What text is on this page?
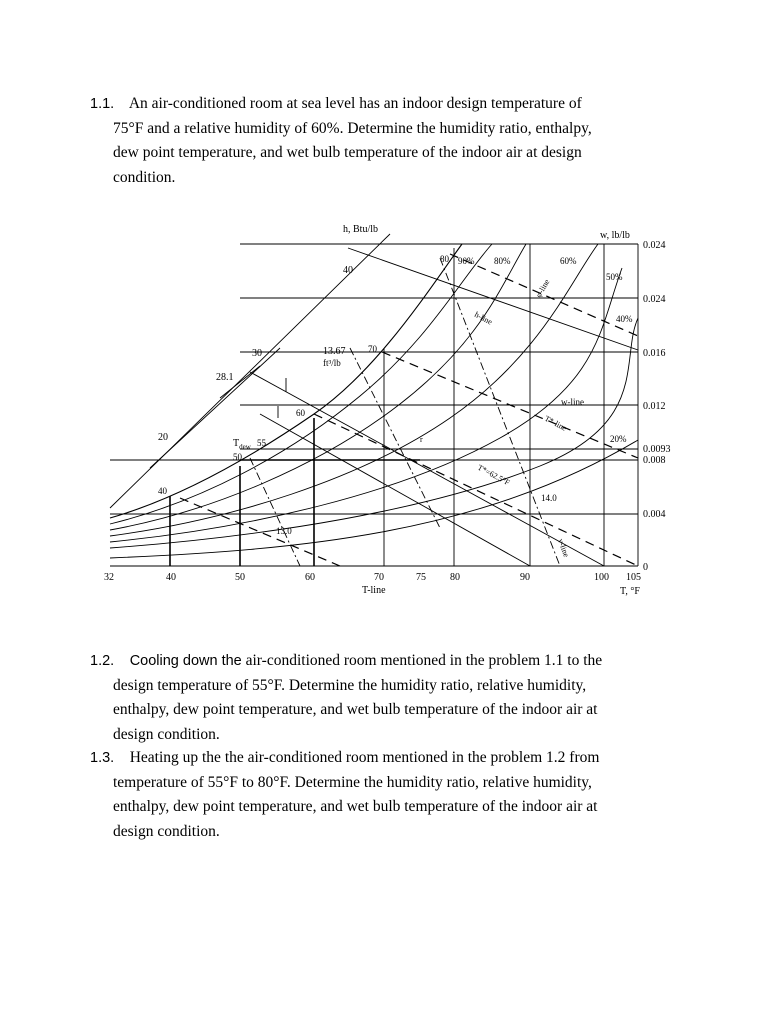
1.1. An air-conditioned room at sea level has an indoor design temperature of
75°F and a relative humidity of 60%. Determine the humidity ratio, enthalpy,
dew point temperature, and wet bulb temperature of the indoor air at design
condition.
h, Btu/lb
w, lb/lb
T, °F
T-line
32	40	50	60	70	75 80	90	100 105
0.024
0.024
0.016
0.012
0.0093
0.008
0.004
0
40
30
28.1
20
90% 80%	60%
50%
40%
20%
80
70
60
55
50
40
13.67
ft³/lb
14.0
13.0
φ-line
h-line
w-line
T*-line
T*=62.5°F
v-line
$T_{dew}$
r
1.2. Cooling down the air-conditioned room mentioned in the problem 1.1 to the
design temperature of 55°F. Determine the humidity ratio, relative humidity,
enthalpy, dew point temperature, and wet bulb temperature of the indoor air at
design condition.
1.3. Heating up the the air-conditioned room mentioned in the problem 1.2 from
temperature of 55°F to 80°F. Determine the humidity ratio, relative humidity,
enthalpy, dew point temperature, and wet bulb temperature of the indoor air at
design condition.
